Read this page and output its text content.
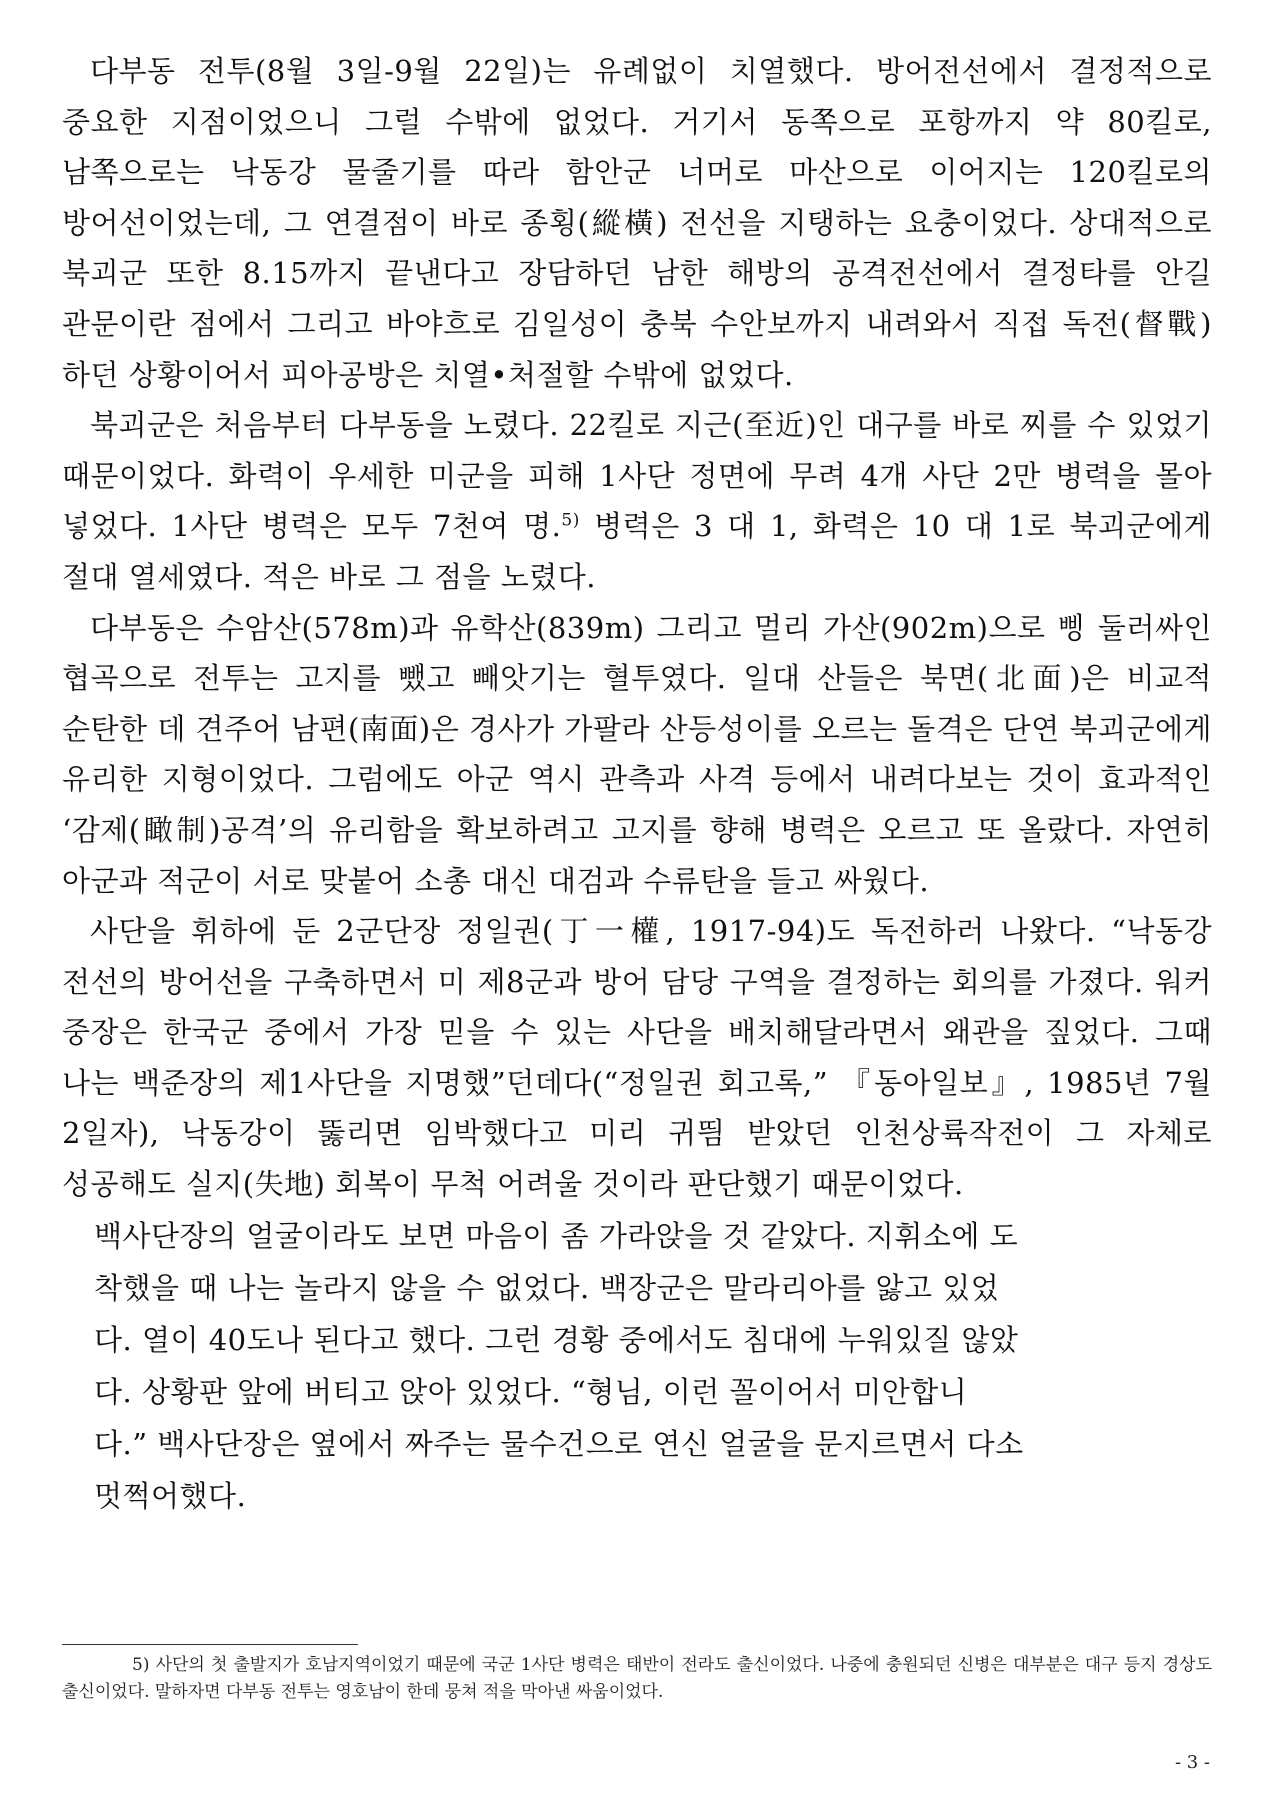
다부동 전투(8월 3일-9월 22일)는 유례없이 치열했다. 방어전선에서 결정적으로 중요한 지점이었으니 그럴 수밖에 없었다. 거기서 동쪽으로 포항까지 약 80킬로, 남쪽으로는 낙동강 물줄기를 따라 함안군 너머로 마산으로 이어지는 120킬로의 방어선이었는데, 그 연결점이 바로 종횡(縱橫) 전선을 지탱하는 요충이었다. 상대적으로 북괴군 또한 8.15까지 끝낸다고 장담하던 남한 해방의 공격전선에서 결정타를 안길 관문이란 점에서 그리고 바야흐로 김일성이 충북 수안보까지 내려와서 직접 독전(督戰)하던 상황이어서 피아공방은 치열•처절할 수밖에 없었다.

북괴군은 처음부터 다부동을 노렸다. 22킬로 지근(至近)인 대구를 바로 찌를 수 있었기 때문이었다. 화력이 우세한 미군을 피해 1사단 정면에 무려 4개 사단 2만 병력을 몰아 넣었다. 1사단 병력은 모두 7천여 명.$^{5)}$ 병력은 3 대 1, 화력은 10 대 1로 북괴군에게 절대 열세였다. 적은 바로 그 점을 노렸다.

다부동은 수암산(578m)과 유학산(839m) 그리고 멀리 가산(902m)으로 삥 둘러싸인 협곡으로 전투는 고지를 뺐고 빼앗기는 혈투였다. 일대 산들은 북면(北面)은 비교적 순탄한 데 견주어 남편(南面)은 경사가 가팔라 산등성이를 오르는 돌격은 단연 북괴군에게 유리한 지형이었다. 그럼에도 아군 역시 관측과 사격 등에서 내려다보는 것이 효과적인 ‘감제(瞰制)공격’의 유리함을 확보하려고 고지를 향해 병력은 오르고 또 올랐다. 자연히 아군과 적군이 서로 맞붙어 소총 대신 대검과 수류탄을 들고 싸웠다.

사단을 휘하에 둔 2군단장 정일권(丁一權, 1917-94)도 독전하러 나왔다. “낙동강 전선의 방어선을 구축하면서 미 제8군과 방어 담당 구역을 결정하는 회의를 가졌다. 워커 중장은 한국군 중에서 가장 믿을 수 있는 사단을 배치해달라면서 왜관을 짚었다. 그때 나는 백준장의 제1사단을 지명했”던데다(“정일권 회고록,” 『동아일보』, 1985년 7월 2일자), 낙동강이 뚫리면 임박했다고 미리 귀띔 받았던 인천상륙작전이 그 자체로 성공해도 실지(失地) 회복이 무척 어려울 것이라 판단했기 때문이었다.

백사단장의 얼굴이라도 보면 마음이 좀 가라앉을 것 같았다. 지휘소에 도
착했을 때 나는 놀라지 않을 수 없었다. 백장군은 말라리아를 앓고 있었
다. 열이 40도나 된다고 했다. 그런 경황 중에서도 침대에 누워있질 않았
다. 상황판 앞에 버티고 앉아 있었다. “형님, 이런 꼴이어서 미안합니
다.” 백사단장은 옆에서 짜주는 물수건으로 연신 얼굴을 문지르면서 다소
멋쩍어했다.

5) 사단의 첫 출발지가 호남지역이었기 때문에 국군 1사단 병력은 태반이 전라도 출신이었다. 나중에 충원되던 신병은 대부분은 대구 등지 경상도 출신이었다. 말하자면 다부동 전투는 영호남이 한데 뭉쳐 적을 막아낸 싸움이었다.

- 3 -
